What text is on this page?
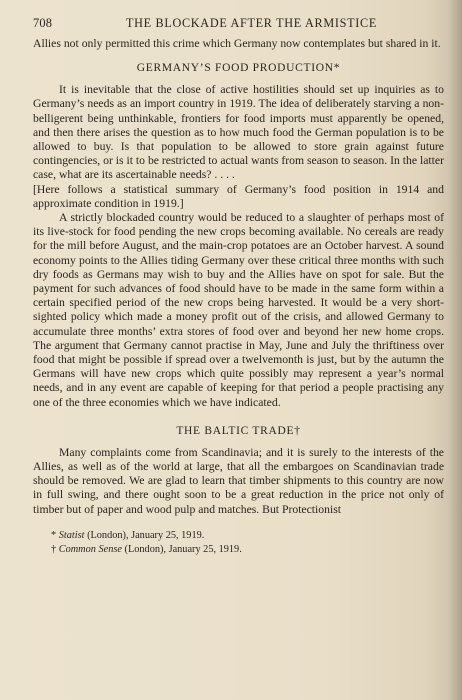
708	THE BLOCKADE AFTER THE ARMISTICE

Allies not only permitted this crime which Germany now contemplates but shared in it.

GERMANY’S FOOD PRODUCTION*

It is inevitable that the close of active hostilities should set up inquiries as to Germany’s needs as an import country in 1919. The idea of deliberately starving a non-belligerent being unthinkable, frontiers for food imports must apparently be opened, and then there arises the question as to how much food the German population is to be allowed to buy. Is that population to be allowed to store grain against future contingencies, or is it to be restricted to actual wants from season to season. In the latter case, what are its ascertainable needs? . . . .

[Here follows a statistical summary of Germany’s food position in 1914 and approximate condition in 1919.]

A strictly blockaded country would be reduced to a slaughter of perhaps most of its live-stock for food pending the new crops becoming available. No cereals are ready for the mill before August, and the main-crop potatoes are an October harvest. A sound economy points to the Allies tiding Germany over these critical three months with such dry foods as Germans may wish to buy and the Allies have on spot for sale. But the payment for such advances of food should have to be made in the same form within a certain specified period of the new crops being harvested. It would be a very short-sighted policy which made a money profit out of the crisis, and allowed Germany to accumulate three months’ extra stores of food over and beyond her new home crops. The argument that Germany cannot practise in May, June and July the thriftiness over food that might be possible if spread over a twelvemonth is just, but by the autumn the Germans will have new crops which quite possibly may represent a year’s normal needs, and in any event are capable of keeping for that period a people practising any one of the three economies which we have indicated.

THE BALTIC TRADE†

Many complaints come from Scandinavia; and it is surely to the interests of the Allies, as well as of the world at large, that all the embargoes on Scandinavian trade should be removed. We are glad to learn that timber shipments to this country are now in full swing, and there ought soon to be a great reduction in the price not only of timber but of paper and wood pulp and matches. But Protectionist

* Statist (London), January 25, 1919.
† Common Sense (London), January 25, 1919.
